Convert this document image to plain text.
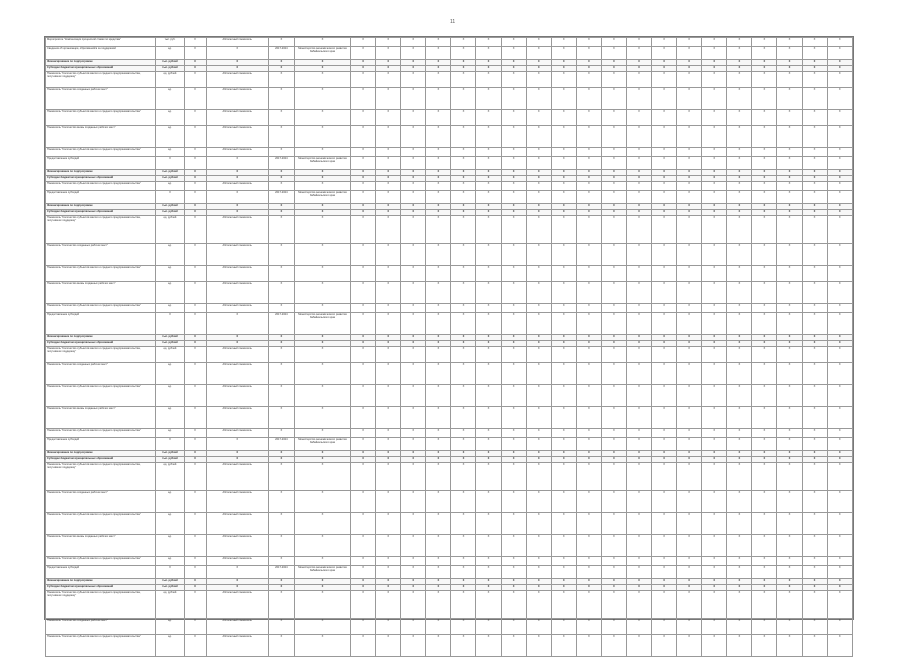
11
Мероприятие "Компенсация процентной ставки по кредитам"	тыс. руб.	Х	Абсолютный показатель	Х	Х	Х	Х	Х	Х	Х	Х	Х	Х	Х	Х	Х	Х	Х	Х	Х	Х	Х	Х	Х	Х
Сведения об организации, обратившейся за поддержкой	ед.	Х	Х	2017-2024	Министерство экономического развития Забайкальского края	Х	Х	Х	Х	Х	Х	Х	Х	Х	Х	Х	Х	Х	Х	Х	Х	Х	Х	Х	Х
Финансирование по подпрограмме	тыс. рублей	Х	Х	Х	Х	Х	Х	Х	Х	Х	Х	Х	Х	Х	Х	Х	Х	Х	Х	Х	Х	Х	Х	Х	Х
Субсидии бюджетам муниципальных образований	тыс. рублей	Х	Х	Х	Х	Х	Х	Х	Х	Х	Х	Х	Х	Х	Х	Х	Х	Х	Х	Х	Х	Х	Х	Х	Х
Показатель "Количество субъектов малого и среднего предпринимательства, получивших поддержку"	ед. рублей	Х	Абсолютный показатель	Х	Х	Х	Х	Х	Х	Х	Х	Х	Х	Х	Х	Х	Х	Х	Х	Х	Х	Х	Х	Х	Х
Показатель "Количество созданных рабочих мест"	ед.	Х	Абсолютный показатель	Х	Х	Х	Х	Х	Х	Х	Х	Х	Х	Х	Х	Х	Х	Х	Х	Х	Х	Х	Х	Х	Х
Показатель "Количество субъектов малого и среднего предпринимательства"	ед.	Х	Абсолютный показатель	Х	Х	Х	Х	Х	Х	Х	Х	Х	Х	Х	Х	Х	Х	Х	Х	Х	Х	Х	Х	Х	Х
Показатель "Количество вновь созданных рабочих мест"	ед.	Х	Абсолютный показатель	Х	Х	Х	Х	Х	Х	Х	Х	Х	Х	Х	Х	Х	Х	Х	Х	Х	Х	Х	Х	Х	Х
Показатель "Количество субъектов малого и среднего предпринимательства"	ед.	Х	Абсолютный показатель	Х	Х	Х	Х	Х	Х	Х	Х	Х	Х	Х	Х	Х	Х	Х	Х	Х	Х	Х	Х	Х	Х
Предоставление субсидий	Х	Х	Х	2017-2024	Министерство экономического развития Забайкальского края	Х	Х	Х	Х	Х	Х	Х	Х	Х	Х	Х	Х	Х	Х	Х	Х	Х	Х	Х	Х
Финансирование по подпрограмме	тыс. рублей	Х	Х	Х	Х	Х	Х	Х	Х	Х	Х	Х	Х	Х	Х	Х	Х	Х	Х	Х	Х	Х	Х	Х	Х
Субсидии бюджетам муниципальных образований	тыс. рублей	Х	Х	Х	Х	Х	Х	Х	Х	Х	Х	Х	Х	Х	Х	Х	Х	Х	Х	Х	Х	Х	Х	Х	Х
Показатель "Количество субъектов малого и среднего предпринимательства"	ед.	Х	Абсолютный показатель	Х	Х	Х	Х	Х	Х	Х	Х	Х	Х	Х	Х	Х	Х	Х	Х	Х	Х	Х	Х	Х	Х
Предоставление субсидий	Х	Х	Х	2017-2024	Министерство экономического развития Забайкальского края	Х	Х	Х	Х	Х	Х	Х	Х	Х	Х	Х	Х	Х	Х	Х	Х	Х	Х	Х	Х
Финансирование по подпрограмме	тыс. рублей	Х	Х	Х	Х	Х	Х	Х	Х	Х	Х	Х	Х	Х	Х	Х	Х	Х	Х	Х	Х	Х	Х	Х	Х
Субсидии бюджетам муниципальных образований	тыс. рублей	Х	Х	Х	Х	Х	Х	Х	Х	Х	Х	Х	Х	Х	Х	Х	Х	Х	Х	Х	Х	Х	Х	Х	Х
Показатель "Количество субъектов малого и среднего предпринимательства, получивших поддержку"	ед. рублей	Х	Абсолютный показатель	Х	Х	Х	Х	Х	Х	Х	Х	Х	Х	Х	Х	Х	Х	Х	Х	Х	Х	Х	Х	Х	Х
Показатель "Количество созданных рабочих мест"	ед.	Х	Абсолютный показатель	Х	Х	Х	Х	Х	Х	Х	Х	Х	Х	Х	Х	Х	Х	Х	Х	Х	Х	Х	Х	Х	Х
Показатель "Количество субъектов малого и среднего предпринимательства"	ед.	Х	Абсолютный показатель	Х	Х	Х	Х	Х	Х	Х	Х	Х	Х	Х	Х	Х	Х	Х	Х	Х	Х	Х	Х	Х	Х
Показатель "Количество вновь созданных рабочих мест"	ед.	Х	Абсолютный показатель	Х	Х	Х	Х	Х	Х	Х	Х	Х	Х	Х	Х	Х	Х	Х	Х	Х	Х	Х	Х	Х	Х
Показатель "Количество субъектов малого и среднего предпринимательства"	ед.	Х	Абсолютный показатель	Х	Х	Х	Х	Х	Х	Х	Х	Х	Х	Х	Х	Х	Х	Х	Х	Х	Х	Х	Х	Х	Х
Предоставление субсидий	Х	Х	Х	2017-2024	Министерство экономического развития Забайкальского края	Х	Х	Х	Х	Х	Х	Х	Х	Х	Х	Х	Х	Х	Х	Х	Х	Х	Х	Х	Х
Финансирование по подпрограмме	тыс. рублей	Х	Х	Х	Х	Х	Х	Х	Х	Х	Х	Х	Х	Х	Х	Х	Х	Х	Х	Х	Х	Х	Х	Х	Х
Субсидии бюджетам муниципальных образований	тыс. рублей	Х	Х	Х	Х	Х	Х	Х	Х	Х	Х	Х	Х	Х	Х	Х	Х	Х	Х	Х	Х	Х	Х	Х	Х
Показатель "Количество субъектов малого и среднего предпринимательства, получивших поддержку"	ед. рублей	Х	Абсолютный показатель	Х	Х	Х	Х	Х	Х	Х	Х	Х	Х	Х	Х	Х	Х	Х	Х	Х	Х	Х	Х	Х	Х
Показатель "Количество созданных рабочих мест"	ед.	Х	Абсолютный показатель	Х	Х	Х	Х	Х	Х	Х	Х	Х	Х	Х	Х	Х	Х	Х	Х	Х	Х	Х	Х	Х	Х
Показатель "Количество субъектов малого и среднего предпринимательства"	ед.	Х	Абсолютный показатель	Х	Х	Х	Х	Х	Х	Х	Х	Х	Х	Х	Х	Х	Х	Х	Х	Х	Х	Х	Х	Х	Х
Показатель "Количество вновь созданных рабочих мест"	ед.	Х	Абсолютный показатель	Х	Х	Х	Х	Х	Х	Х	Х	Х	Х	Х	Х	Х	Х	Х	Х	Х	Х	Х	Х	Х	Х
Показатель "Количество субъектов малого и среднего предпринимательства"	ед.	Х	Абсолютный показатель	Х	Х	Х	Х	Х	Х	Х	Х	Х	Х	Х	Х	Х	Х	Х	Х	Х	Х	Х	Х	Х	Х
Предоставление субсидий	Х	Х	Х	2017-2024	Министерство экономического развития Забайкальского края	Х	Х	Х	Х	Х	Х	Х	Х	Х	Х	Х	Х	Х	Х	Х	Х	Х	Х	Х	Х
Финансирование по подпрограмме	тыс. рублей	Х	Х	Х	Х	Х	Х	Х	Х	Х	Х	Х	Х	Х	Х	Х	Х	Х	Х	Х	Х	Х	Х	Х	Х
Субсидии бюджетам муниципальных образований	тыс. рублей	Х	Х	Х	Х	Х	Х	Х	Х	Х	Х	Х	Х	Х	Х	Х	Х	Х	Х	Х	Х	Х	Х	Х	Х
Показатель "Количество субъектов малого и среднего предпринимательства, получивших поддержку"	ед. рублей	Х	Абсолютный показатель	Х	Х	Х	Х	Х	Х	Х	Х	Х	Х	Х	Х	Х	Х	Х	Х	Х	Х	Х	Х	Х	Х
Показатель "Количество созданных рабочих мест"	ед.	Х	Абсолютный показатель	Х	Х	Х	Х	Х	Х	Х	Х	Х	Х	Х	Х	Х	Х	Х	Х	Х	Х	Х	Х	Х	Х
Показатель "Количество субъектов малого и среднего предпринимательства"	ед.	Х	Абсолютный показатель	Х	Х	Х	Х	Х	Х	Х	Х	Х	Х	Х	Х	Х	Х	Х	Х	Х	Х	Х	Х	Х	Х
Показатель "Количество вновь созданных рабочих мест"	ед.	Х	Абсолютный показатель	Х	Х	Х	Х	Х	Х	Х	Х	Х	Х	Х	Х	Х	Х	Х	Х	Х	Х	Х	Х	Х	Х
Показатель "Количество субъектов малого и среднего предпринимательства"	ед.	Х	Абсолютный показатель	Х	Х	Х	Х	Х	Х	Х	Х	Х	Х	Х	Х	Х	Х	Х	Х	Х	Х	Х	Х	Х	Х
Предоставление субсидий	Х	Х	Х	2017-2024	Министерство экономического развития Забайкальского края	Х	Х	Х	Х	Х	Х	Х	Х	Х	Х	Х	Х	Х	Х	Х	Х	Х	Х	Х	Х
Финансирование по подпрограмме	тыс. рублей	Х	Х	Х	Х	Х	Х	Х	Х	Х	Х	Х	Х	Х	Х	Х	Х	Х	Х	Х	Х	Х	Х	Х	Х
Субсидии бюджетам муниципальных образований	тыс. рублей	Х	Х	Х	Х	Х	Х	Х	Х	Х	Х	Х	Х	Х	Х	Х	Х	Х	Х	Х	Х	Х	Х	Х	Х
Показатель "Количество субъектов малого и среднего предпринимательства, получивших поддержку"	ед. рублей	Х	Абсолютный показатель	Х	Х	Х	Х	Х	Х	Х	Х	Х	Х	Х	Х	Х	Х	Х	Х	Х	Х	Х	Х	Х	Х
Показатель "Количество созданных рабочих мест"	ед.	Х	Абсолютный показатель	Х	Х	Х	Х	Х	Х	Х	Х	Х	Х	Х	Х	Х	Х	Х	Х	Х	Х	Х	Х	Х	Х
Показатель "Количество субъектов малого и среднего предпринимательства"	ед.	Х	Абсолютный показатель	Х	Х	Х	Х	Х	Х	Х	Х	Х	Х	Х	Х	Х	Х	Х	Х	Х	Х	Х	Х	Х	Х
